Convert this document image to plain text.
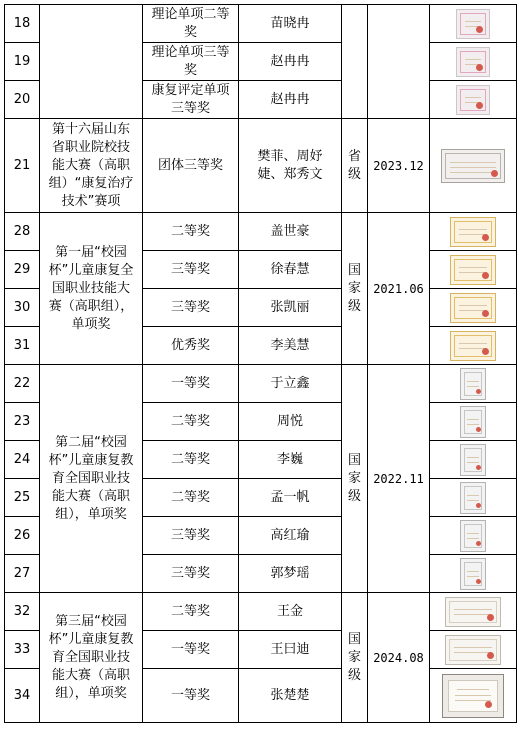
18		理论单项二等奖	苗晓冉			

19		理论单项三等奖	赵冉冉			

20		康复评定单项三等奖	赵冉冉			

21	第十六届山东省职业院校技能大赛（高职组）“康复治疗技术”赛项	团体三等奖	樊菲、周妤婕、郑秀文	省级	2023.12	

28	第一届“校园杯”儿童康复全国职业技能大赛（高职组），单项奖	二等奖	盖世豪	国家级	2021.06	

29		三等奖	徐春慧			

30		三等奖	张凯丽			

31		优秀奖	李美慧			

22	第二届“校园杯”儿童康复教育全国职业技能大赛（高职组），单项奖	一等奖	于立鑫	国家级	2022.11	

23		二等奖	周悦			

24		二等奖	李巍			

25		二等奖	孟一帆			

26		三等奖	高红瑜			

27		三等奖	郭梦瑶			

32	第三届“校园杯”儿童康复教育全国职业技能大赛（高职组），单项奖	二等奖	王金	国家级	2024.08	

33		一等奖	王曰迪			

34		一等奖	张楚楚			
